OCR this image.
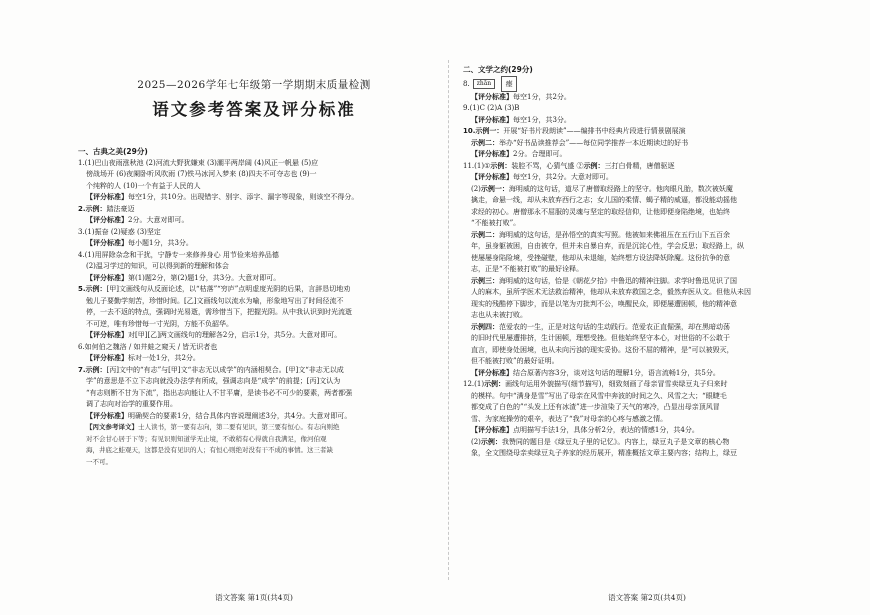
2025—2026学年七年级第一学期期末质量检测
语文参考答案及评分标准

一、古典之美(29分)

1.(1)巴山夜雨涨秋池 (2)河流大野犹嫌束 (3)潮平两岸阔 (4)风正一帆悬 (5)应

傍战场开 (6)夜阑卧听风吹雨 (7)铁马冰河入梦来 (8)四夫不可夺志也 (9)一

个纯粹的人 (10)一个有益于人民的人

【评分标准】每空1分，共10分。出现错字、别字、添字、漏字等现象，则该空不得分。

2.示例：踏法豪迈

【评分标准】2分。大意对即可。

3.(1)振奋 (2)疑惑 (3)坚定

【评分标准】每小题1分，共3分。

4.(1)用屏除杂念和干扰，宁静专一来修养身心 用节俭来培养品德

(2)温习学过的知识，可以得到新的理解和体会

【评分标准】第(1)题2分，第(2)题1分，共3分。大意对即可。

5.示例：[甲]文画线句从反面论述，以“枯落”“穷庐”点明虚度光阴的后果，言辞恳切地劝

勉儿子要勤学刻苦，珍惜时间。[乙]文画线句以流水为喻，形象地写出了时间径流不

停，一去不返的特点，强调时光易逝，需珍惜当下，把握光阴。从中我认识到时光流逝

不可逆，唯有珍惜每一寸光阴，方能不负韶华。

【评分标准】对[甲][乙]两文画线句的理解各2分，启示1分，共5分。大意对即可。

6.如何伯之魏洛 / 如井蛙之窥天 / 皆无识者也

【评分标准】标对一处1分，共2分。

7.示例：[丙]文中的“有志”与[甲]文“非志无以成学”的内涵相契合。[甲]文“非志无以成

学”的意思是不立下志向就没办法学有所成，强调志向是“成学”的前提；[丙]文认为

“有志则断不甘为下流”，指出志向能让人不甘平庸，是读书必不可少的要素，两者都强

调了志向对治学的重要作用。

【评分标准】明确契合的要素1分，结合具体内容说理阐述3分，共4分。大意对即可。

【丙文参考译文】士人读书，第一要有志向，第二要有见识，第三要有恒心。有志向则绝

对不会甘心居于下等；有见识则知道学无止境，不敢稍有心得就自我满足，像河伯观

海，井底之蛙观天，这都是没有见识的人；有恒心则绝对没有干不成的事情。这三者缺

一不可。

语文答案 第1页(共4页)

二、文学之约(29分)

8. zhān 瘗

【评分标准】每空1分，共2分。

9.(1)C (2)A (3)B

【评分标准】每空1分，共3分。

10.示例一：开展“好书片段朗读”——编排书中经典片段进行情景剧展演

示例二：举办“好书品读推荐会”——每位同学推荐一本近期读过的好书

【评分标准】2分。合理即可。

11.(1)①示例：装腔不骂，心猜气盛 ②示例：三打白骨精，唐僧驱逐

【评分标准】每空1分，共2分。大意对即可。

(2)示例一：海明威的这句话，道尽了唐僧取经路上的坚守。他肉眼凡胎，数次被妖魔

擒走，命悬一线，却从未放弃西行之志；女儿国的柔情、蝎子精的威逼，都没能动摇他

求经的初心。唐僧那永不屈服的灵魂与坚定的取经信仰，让他即便身陷绝境，也始终

“不能被打败”。

示例二：海明威的这句话，是孙悟空的真实写照。他被如来佛祖压在五行山下五百余

年，虽身躯被困，自由被夺，但并未自暴自弃，而是沉淀心性，学会反思；取经路上，纵

使屡屡身陷险境，受挫碰壁，他却从未退缩，始终想方设法降妖除魔。这份抗争的意

志，正是“不能被打败”的最好诠释。

示例三：海明威的这句话，恰是《朝花夕拾》中鲁迅的精神注脚。求学时鲁迅见识了国

人的麻木，虽所学医术无法救治精神，他却从未放弃救国之念，毅然弃医从文。但他从未因

现实的残酷停下脚步，而是以笔为刃批判不公，唤醒民众，即便屡遭困顿，他的精神意

志也从未被打败。

示例四：范爱农的一生，正是对这句话的生动践行。范爱农正直倔强，却在黑暗动荡

的旧时代里屡遭排挤，生计困顿，理想受挫。但他始终坚守本心，对世俗的不公敢于

直言，即使身处困境，也从未向污浊的现实妥协。这份不屈的精神，是“可以被毁灭，

但不能被打败”的最好证明。

【评分标准】结合原著内容3分，谈对这句话的理解1分，语言流畅1分，共5分。

12.(1)示例：画线句运用外貌描写(细节描写)，细致刻画了母亲冒雪卖绿豆丸子归来时

的模样。句中“满身是雪”写出了母亲在风雪中奔波的时间之久、风雪之大；“眼睫毛

都变成了白色的”“头发上还有冰渣”进一步渲染了天气的寒冷，凸显出母亲顶风冒

雪、为家庭操劳的艰辛，表达了“我”对母亲的心疼与感激之情。

【评分标准】点明描写手法1分，具体分析2分，表达的情感1分，共4分。

(2)示例：我赞同的题目是《绿豆丸子里的记忆》。内容上，绿豆丸子是文章的核心物

象，全文围绕母亲卖绿豆丸子养家的经历展开，精准概括文章主要内容；结构上，绿豆

语文答案 第2页(共4页)
